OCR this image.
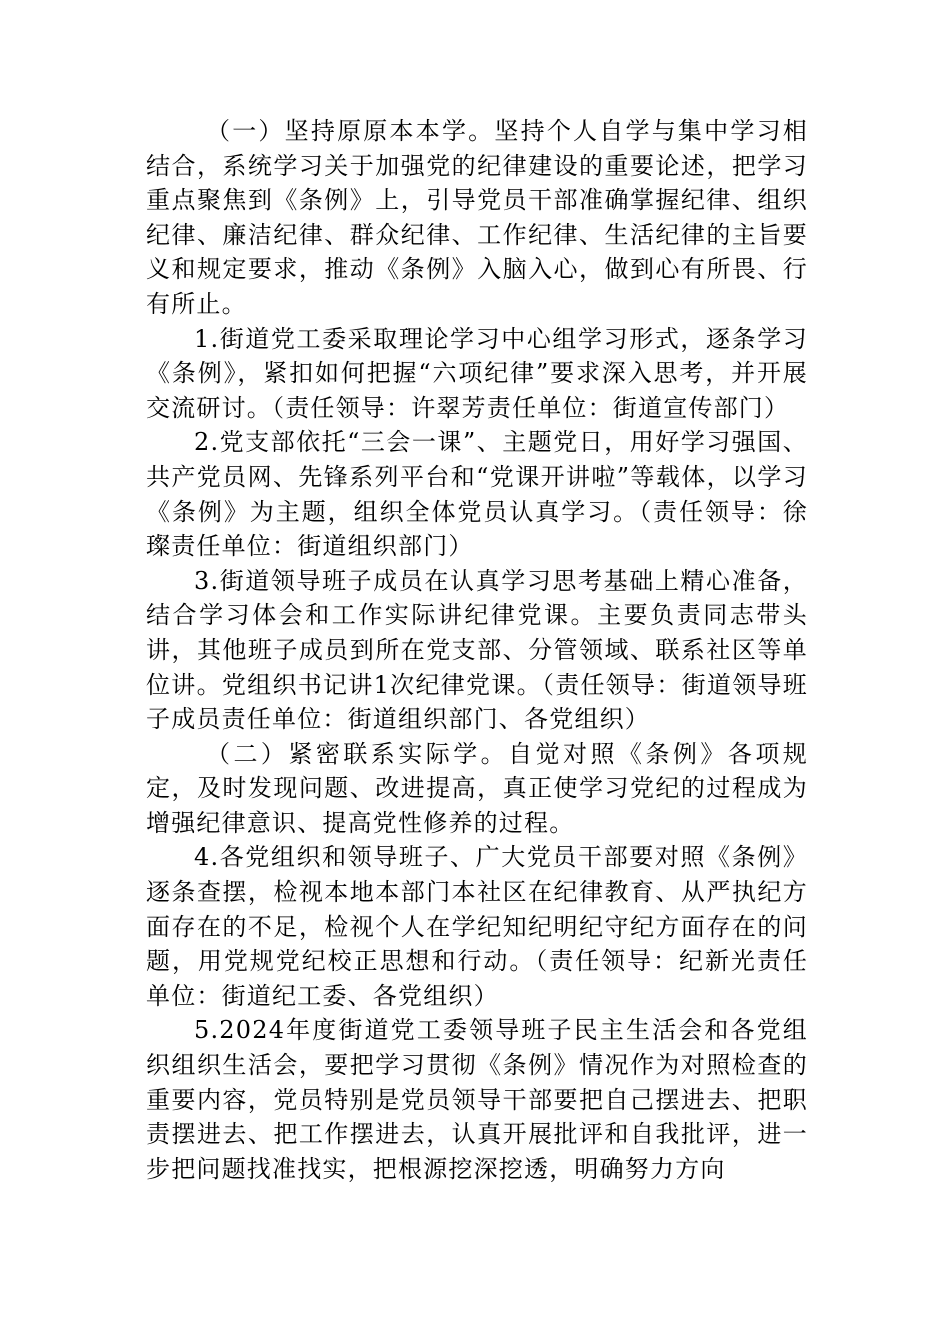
（一）坚持原原本本学。坚持个人自学与集中学习相结合，系统学习关于加强党的纪律建设的重要论述，把学习重点聚焦到《条例》上，引导党员干部准确掌握纪律、组织纪律、廉洁纪律、群众纪律、工作纪律、生活纪律的主旨要义和规定要求，推动《条例》入脑入心，做到心有所畏、行有所止。

1.街道党工委采取理论学习中心组学习形式，逐条学习《条例》，紧扣如何把握“六项纪律”要求深入思考，并开展交流研讨。（责任领导：许翠芳责任单位：街道宣传部门）

2.党支部依托“三会一课”、主题党日，用好学习强国、共产党员网、先锋系列平台和“党课开讲啦”等载体，以学习《条例》为主题，组织全体党员认真学习。（责任领导：徐璨责任单位：街道组织部门）

3.街道领导班子成员在认真学习思考基础上精心准备，结合学习体会和工作实际讲纪律党课。主要负责同志带头讲，其他班子成员到所在党支部、分管领域、联系社区等单位讲。党组织书记讲1次纪律党课。（责任领导：街道领导班子成员责任单位：街道组织部门、各党组织）

（二）紧密联系实际学。自觉对照《条例》各项规定，及时发现问题、改进提高，真正使学习党纪的过程成为增强纪律意识、提高党性修养的过程。

4.各党组织和领导班子、广大党员干部要对照《条例》逐条查摆，检视本地本部门本社区在纪律教育、从严执纪方面存在的不足，检视个人在学纪知纪明纪守纪方面存在的问题，用党规党纪校正思想和行动。（责任领导：纪新光责任单位：街道纪工委、各党组织）

5.2024年度街道党工委领导班子民主生活会和各党组织组织生活会，要把学习贯彻《条例》情况作为对照检查的重要内容，党员特别是党员领导干部要把自己摆进去、把职责摆进去、把工作摆进去，认真开展批评和自我批评，进一步把问题找准找实，把根源挖深挖透，明确努力方向
